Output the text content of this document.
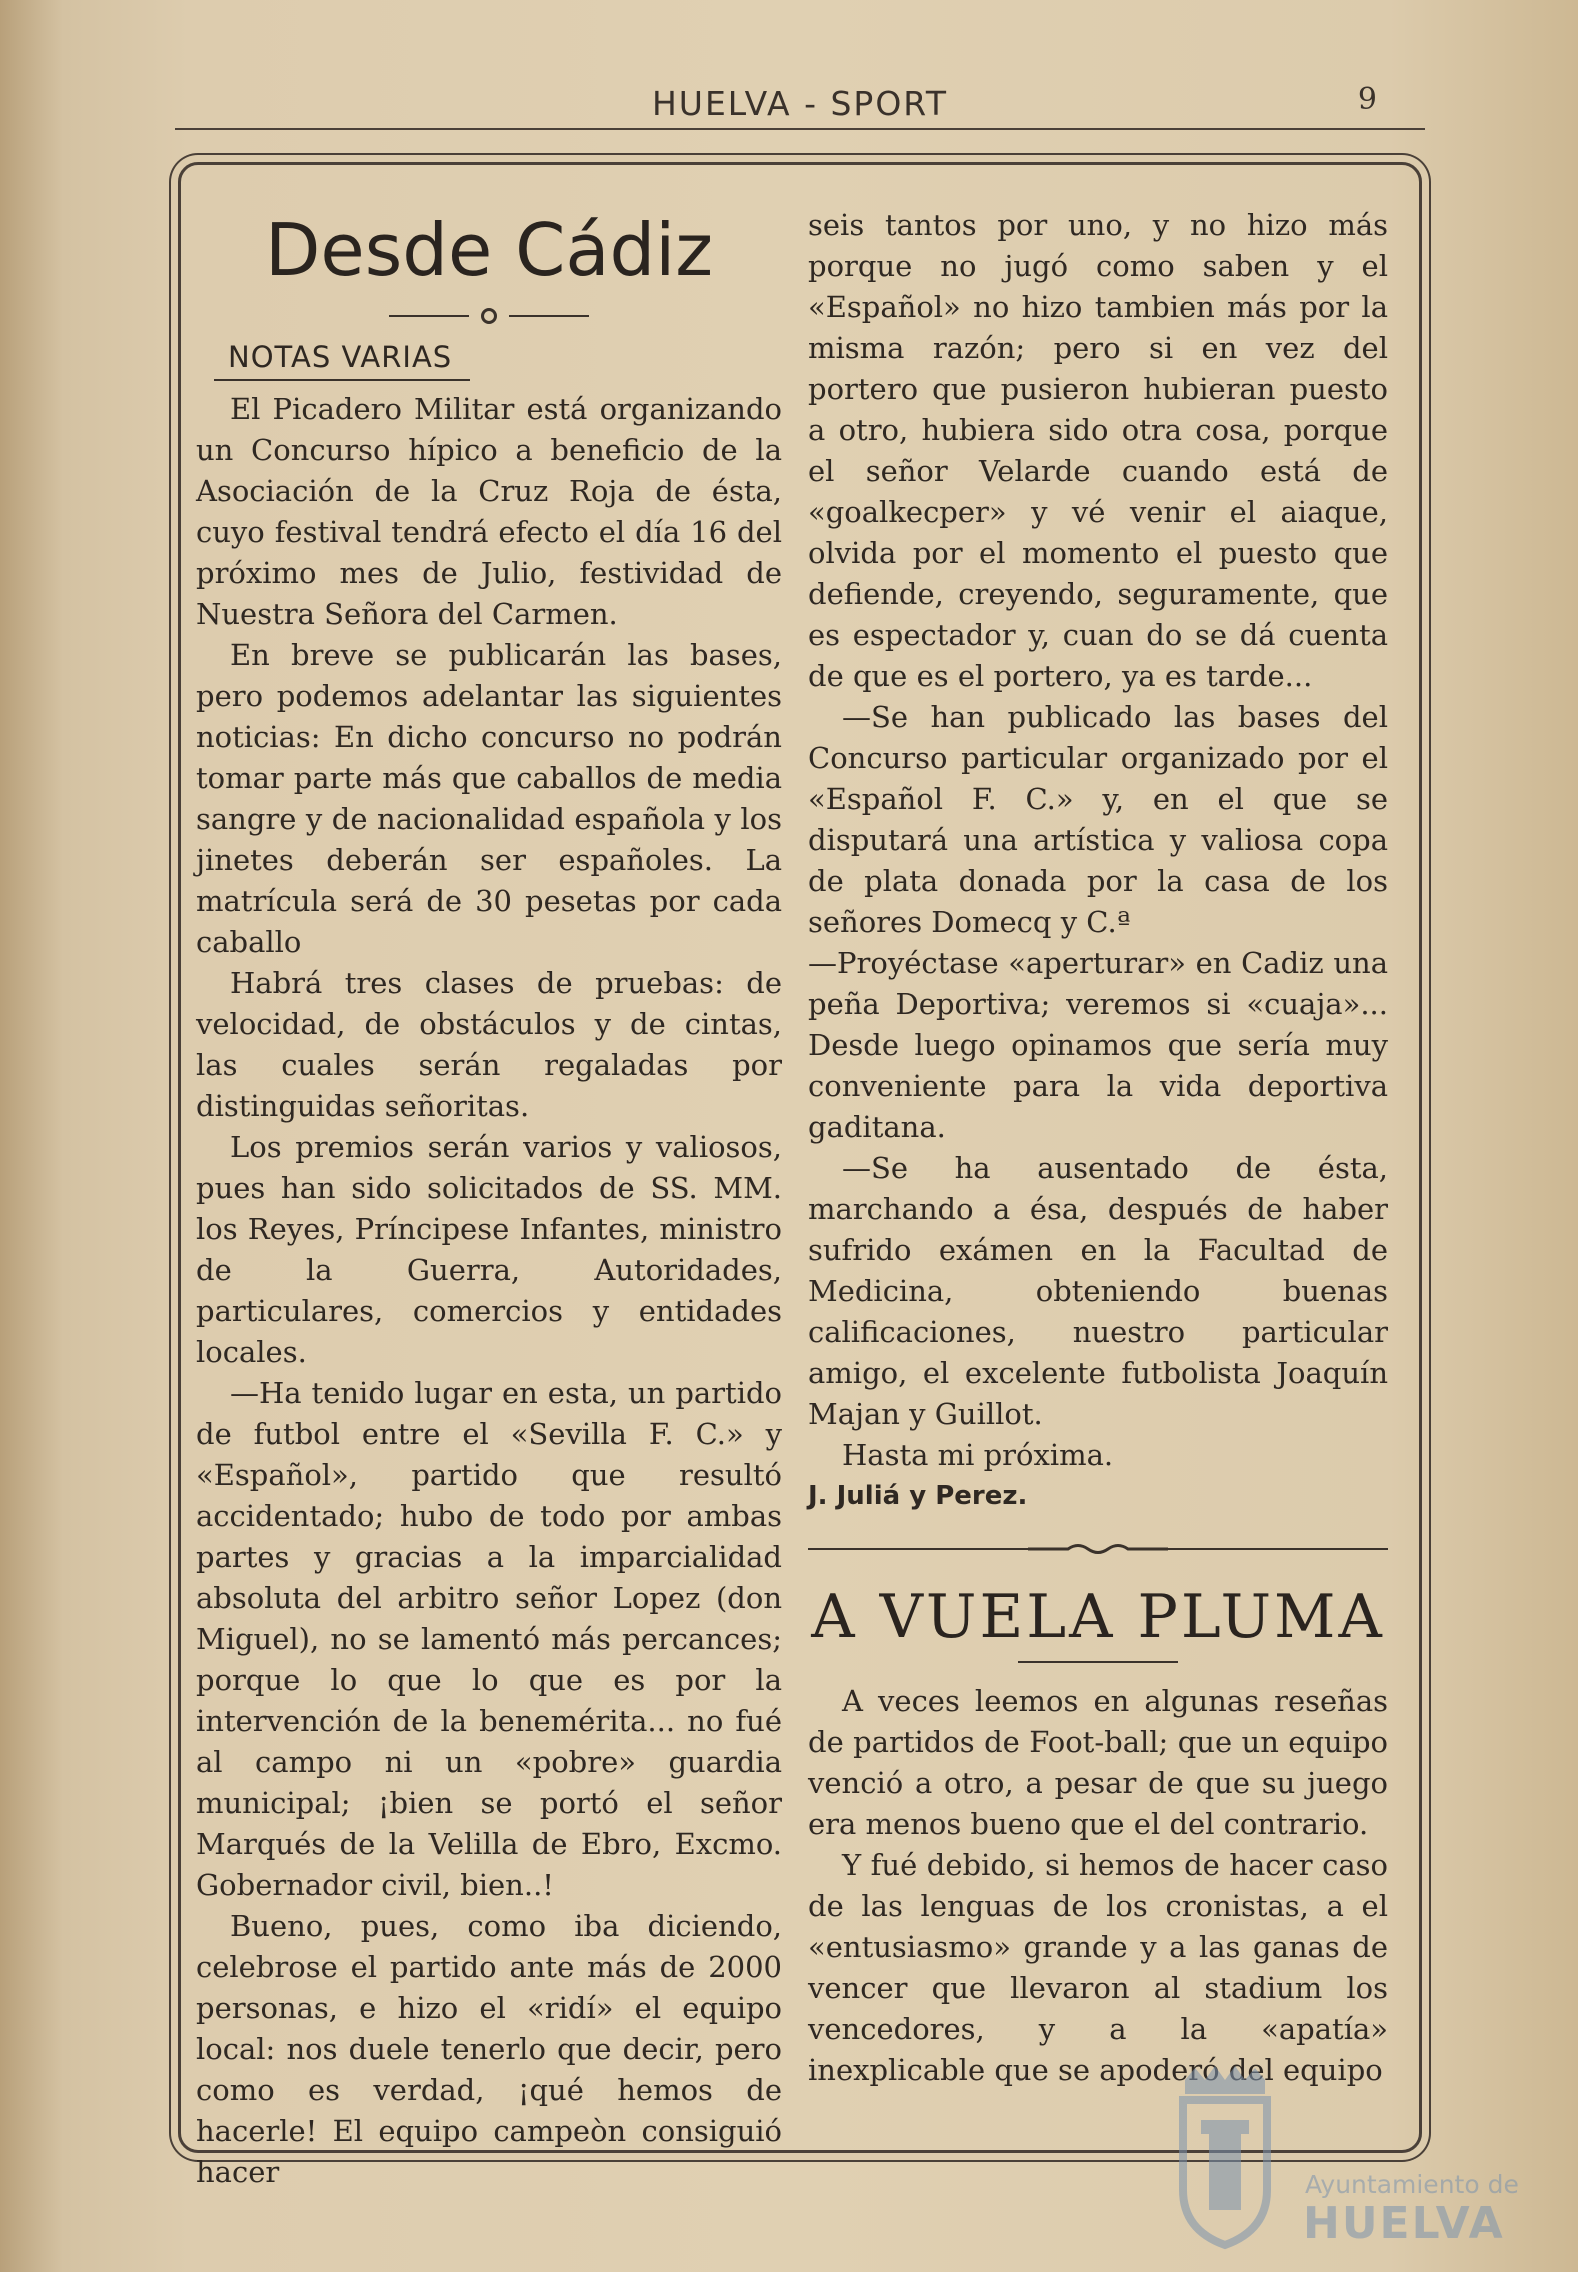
HUELVA - SPORT	9
Desde Cádiz
NOTAS VARIAS

El Picadero Militar está organizando un Concurso hípico a beneficio de la Asociación de la Cruz Roja de ésta, cuyo festival tendrá efecto el día 16 del próximo mes de Julio, festividad de Nuestra Señora del Carmen.

En breve se publicarán las bases, pero podemos adelantar las siguientes noticias: En dicho concurso no podrán tomar parte más que caballos de media sangre y de nacionalidad española y los jinetes deberán ser españoles. La matrícula será de 30 pesetas por cada caballo

Habrá tres clases de pruebas: de velocidad, de obstáculos y de cintas, las cuales serán regaladas por distinguidas señoritas.

Los premios serán varios y valiosos, pues han sido solicitados de SS. MM. los Reyes, Príncipese Infantes, ministro de la Guerra, Autoridades, particulares, comercios y entidades locales.

—Ha tenido lugar en esta, un partido de futbol entre el «Sevilla F. C.» y «Español», partido que resultó accidentado; hubo de todo por ambas partes y gracias a la imparcialidad absoluta del arbitro señor Lopez (don Miguel), no se lamentó más percances; porque lo que lo que es por la intervención de la benemérita... no fué al campo ni un «pobre» guardia municipal; ¡bien se portó el señor Marqués de la Velilla de Ebro, Excmo. Gobernador civil, bien..!

Bueno, pues, como iba diciendo, celebrose el partido ante más de 2000 personas, e hizo el «ridí» el equipo local: nos duele tenerlo que decir, pero como es verdad, ¡qué hemos de hacerle! El equipo campeòn consiguió hacer

seis tantos por uno, y no hizo más porque no jugó como saben y el «Español» no hizo tambien más por la misma razón; pero si en vez del portero que pusieron hubieran puesto a otro, hubiera sido otra cosa, porque el señor Velarde cuando está de «goalkecper» y vé venir el aiaque, olvida por el momento el puesto que defiende, creyendo, seguramente, que es espectador y, cuan do se dá cuenta de que es el portero, ya es tarde...

—Se han publicado las bases del Concurso particular organizado por el «Español F. C.» y, en el que se disputará una artística y valiosa copa de plata donada por la casa de los señores Domecq y C.ª

—Proyéctase «aperturar» en Cadiz una peña Deportiva; veremos si «cuaja»... Desde luego opinamos que sería muy conveniente para la vida deportiva gaditana.

—Se ha ausentado de ésta, marchando a ésa, después de haber sufrido exámen en la Facultad de Medicina, obteniendo buenas calificaciones, nuestro particular amigo, el excelente futbolista Joaquín Majan y Guillot.

Hasta mi próxima.

J. Juliá y Perez.

A VUELA PLUMA

A veces leemos en algunas reseñas de partidos de Foot-ball; que un equipo venció a otro, a pesar de que su juego era menos bueno que el del contrario.

Y fué debido, si hemos de hacer caso de las lenguas de los cronistas, a el «entusiasmo» grande y a las ganas de vencer que llevaron al stadium los vencedores, y a la «apatía» inexplicable que se apoderó del equipo

Ayuntamiento de
HUELVA
